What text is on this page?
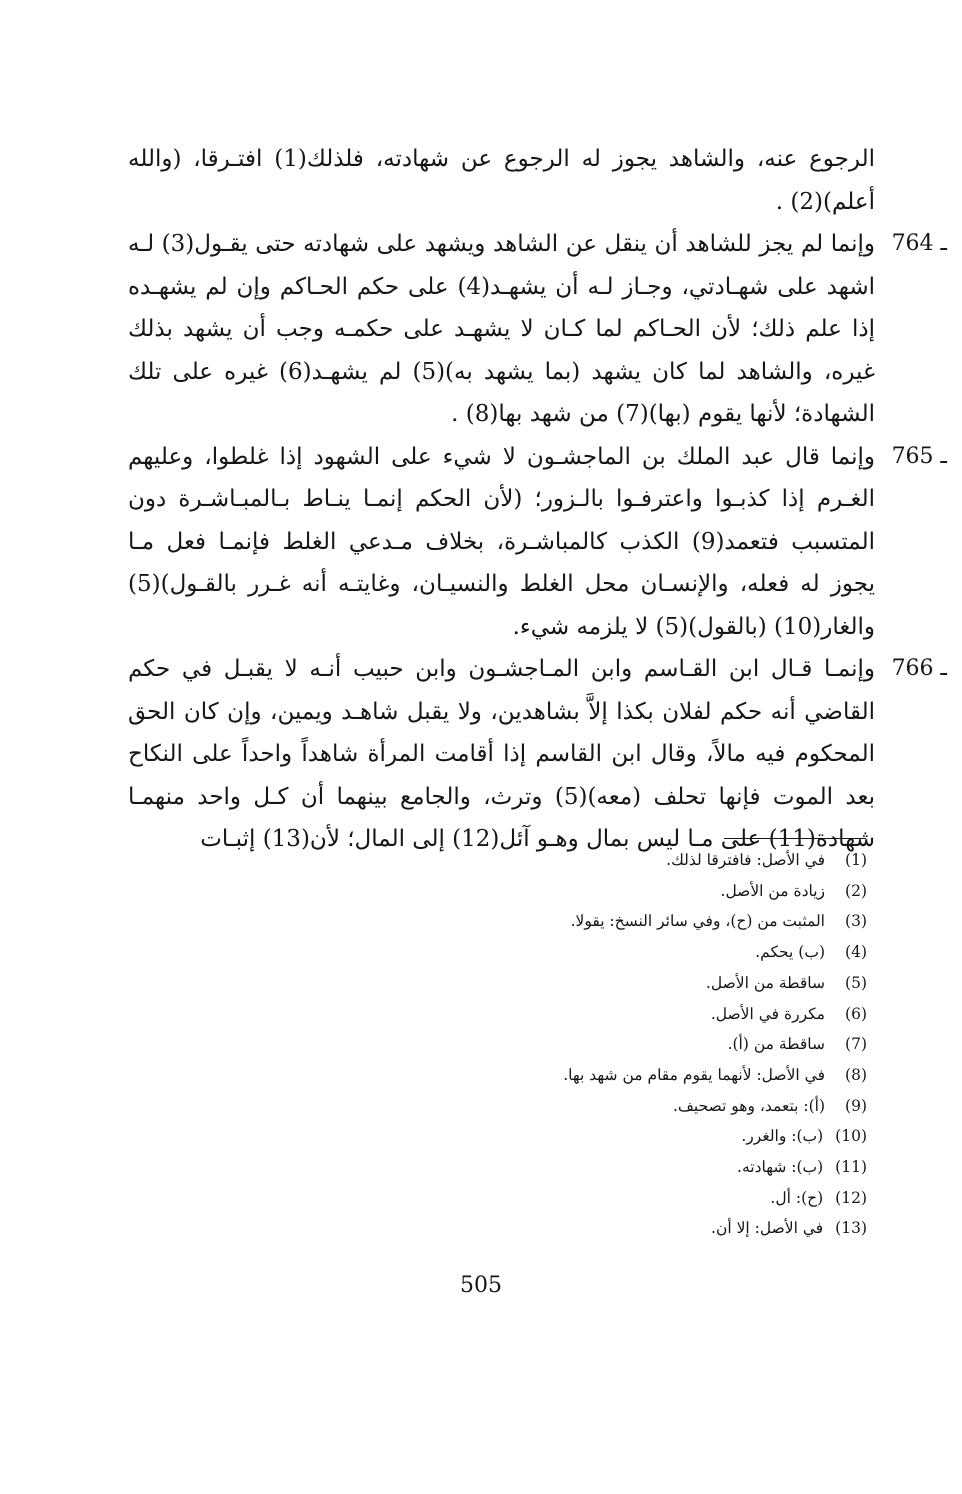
الرجوع عنه، والشاهد يجوز له الرجوع عن شهادته، فلذلك(1) افتـرقا، (والله أعلم)(2) .

764 ـ
وإنما لم يجز للشاهد أن ينقل عن الشاهد ويشهد على شهادته حتى يقـول(3) لـه اشهد على شهـادتي، وجـاز لـه أن يشهـد(4) على حكم الحـاكم وإن لم يشهـده إذا علم ذلك؛ لأن الحـاكم لما كـان لا يشهـد على حكمـه وجب أن يشهد بذلك غيره، والشاهد لما كان يشهد (بما يشهد به)(5) لم يشهـد(6) غيره على تلك الشهادة؛ لأنها يقوم (بها)(7) من شهد بها(8) .

765 ـ
وإنما قال عبد الملك بن الماجشـون لا شيء على الشهود إذا غلطوا، وعليهم الغـرم إذا كذبـوا واعترفـوا بالـزور؛ (لأن الحكم إنمـا ينـاط بـالمبـاشـرة دون المتسبب فتعمد(9) الكذب كالمباشـرة، بخلاف مـدعي الغلط فإنمـا فعل مـا يجوز له فعله، والإنسـان محل الغلط والنسيـان، وغايتـه أنه غـرر بالقـول)(5) والغار(10) (بالقول)(5) لا يلزمه شيء.

766 ـ
وإنمـا قـال ابن القـاسم وابن المـاجشـون وابن حبيب أنـه لا يقبـل في حكم القاضي أنه حكم لفلان بكذا إلاَّ بشاهدين، ولا يقبل شاهـد ويمين، وإن كان الحق المحكوم فيه مالاً، وقال ابن القاسم إذا أقامت المرأة شاهداً واحداً على النكاح بعد الموت فإنها تحلف (معه)(5) وترث، والجامع بينهما أن كـل واحد منهمـا شهادة(11) على مـا ليس بمال وهـو آئل(12) إلى المال؛ لأن(13) إثبـات

(1)في الأصل: فافترقا لذلك.
(2)زيادة من الأصل.
(3)المثبت من (ح)، وفي سائر النسخ: يقولا.
(4)(ب) يحكم.
(5)ساقطة من الأصل.
(6)مكررة في الأصل.
(7)ساقطة من (أ).
(8)في الأصل: لأنهما يقوم مقام من شهد بها.
(9)(أ): بتعمد، وهو تصحيف.
(10)(ب): والغرر.
(11)(ب): شهادته.
(12)(ح): أل.
(13)في الأصل: إلا أن.
505
